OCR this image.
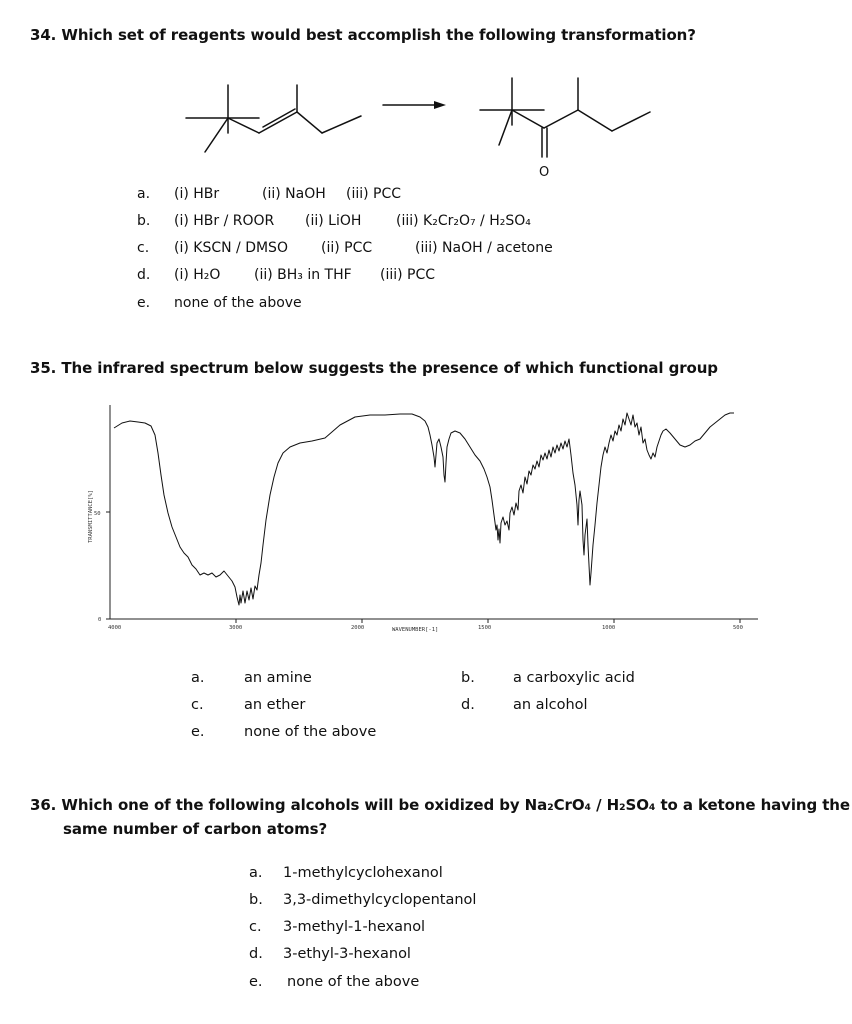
34. Which set of reagents would best accomplish the following transformation?
O
a. (i) HBr	(ii) NaOH (iii) PCC
b. (i) HBr / ROOR (ii) LiOH (iii) K₂Cr₂O₇ / H₂SO₄
c. (i) KSCN / DMSO (ii) PCC	(iii) NaOH / acetone
d. (i) H₂O (ii) BH₃ in THF (iii) PCC
e. none of the above
35. The infrared spectrum below suggests the presence of which functional group
50
0
4000	3000	2000	1500	1000	500
WAVENUMBER[-1]
TRANSMITTANCE[%]
a.	an amine	b.	a carboxylic acid
c.	an ether	d.	an alcohol
e.	none of the above
36. Which one of the following alcohols will be oxidized by Na₂CrO₄ / H₂SO₄ to a ketone having the
same number of carbon atoms?
a. 1-methylcyclohexanol
b. 3,3-dimethylcyclopentanol
c. 3-methyl-1-hexanol
d. 3-ethyl-3-hexanol
e. none of the above
